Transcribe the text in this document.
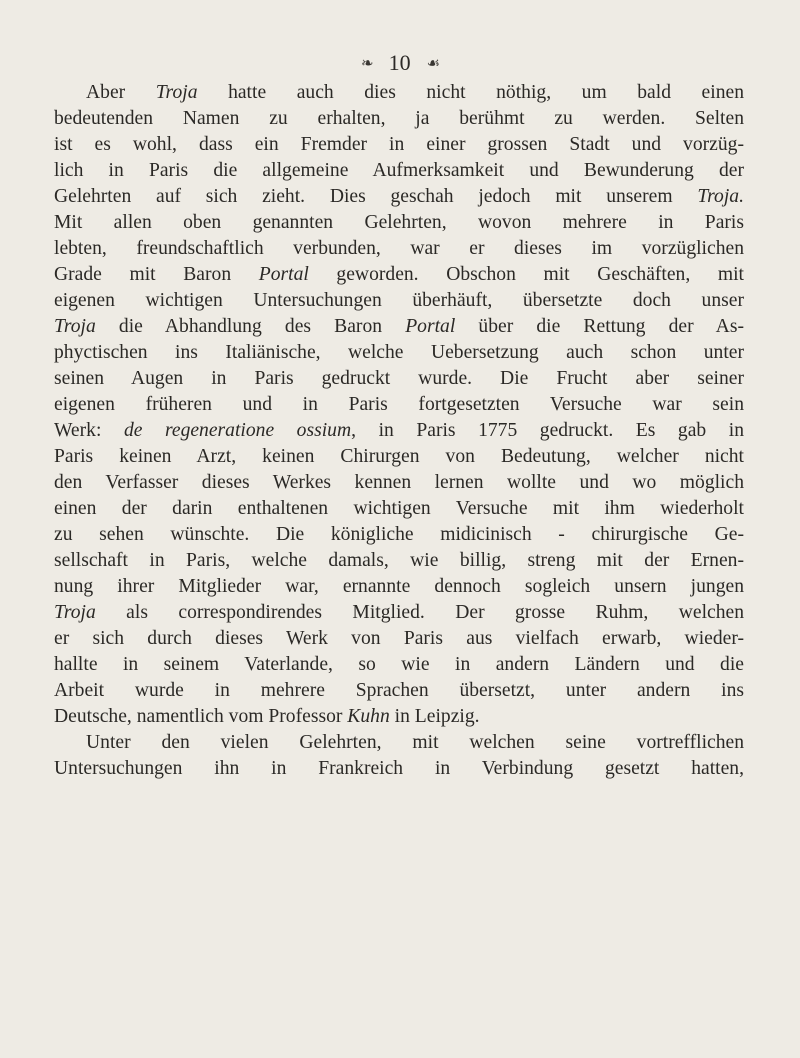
❧ 10 ☙
Aber Troja hatte auch dies nicht nöthig, um bald einen
bedeutenden Namen zu erhalten, ja berühmt zu werden. Selten
ist es wohl, dass ein Fremder in einer grossen Stadt und vorzüg-
lich in Paris die allgemeine Aufmerksamkeit und Bewunderung der
Gelehrten auf sich zieht. Dies geschah jedoch mit unserem Troja.
Mit allen oben genannten Gelehrten, wovon mehrere in Paris
lebten, freundschaftlich verbunden, war er dieses im vorzüglichen
Grade mit Baron Portal geworden. Obschon mit Geschäften, mit
eigenen wichtigen Untersuchungen überhäuft, übersetzte doch unser
Troja die Abhandlung des Baron Portal über die Rettung der As-
phyctischen ins Italiänische, welche Uebersetzung auch schon unter
seinen Augen in Paris gedruckt wurde. Die Frucht aber seiner
eigenen früheren und in Paris fortgesetzten Versuche war sein
Werk: de regeneratione ossium, in Paris 1775 gedruckt. Es gab in
Paris keinen Arzt, keinen Chirurgen von Bedeutung, welcher nicht
den Verfasser dieses Werkes kennen lernen wollte und wo möglich
einen der darin enthaltenen wichtigen Versuche mit ihm wiederholt
zu sehen wünschte. Die königliche midicinisch - chirurgische Ge-
sellschaft in Paris, welche damals, wie billig, streng mit der Ernen-
nung ihrer Mitglieder war, ernannte dennoch sogleich unsern jungen
Troja als correspondirendes Mitglied. Der grosse Ruhm, welchen
er sich durch dieses Werk von Paris aus vielfach erwarb, wieder-
hallte in seinem Vaterlande, so wie in andern Ländern und die
Arbeit wurde in mehrere Sprachen übersetzt, unter andern ins
Deutsche, namentlich vom Professor Kuhn in Leipzig.
Unter den vielen Gelehrten, mit welchen seine vortrefflichen
Untersuchungen ihn in Frankreich in Verbindung gesetzt hatten,
